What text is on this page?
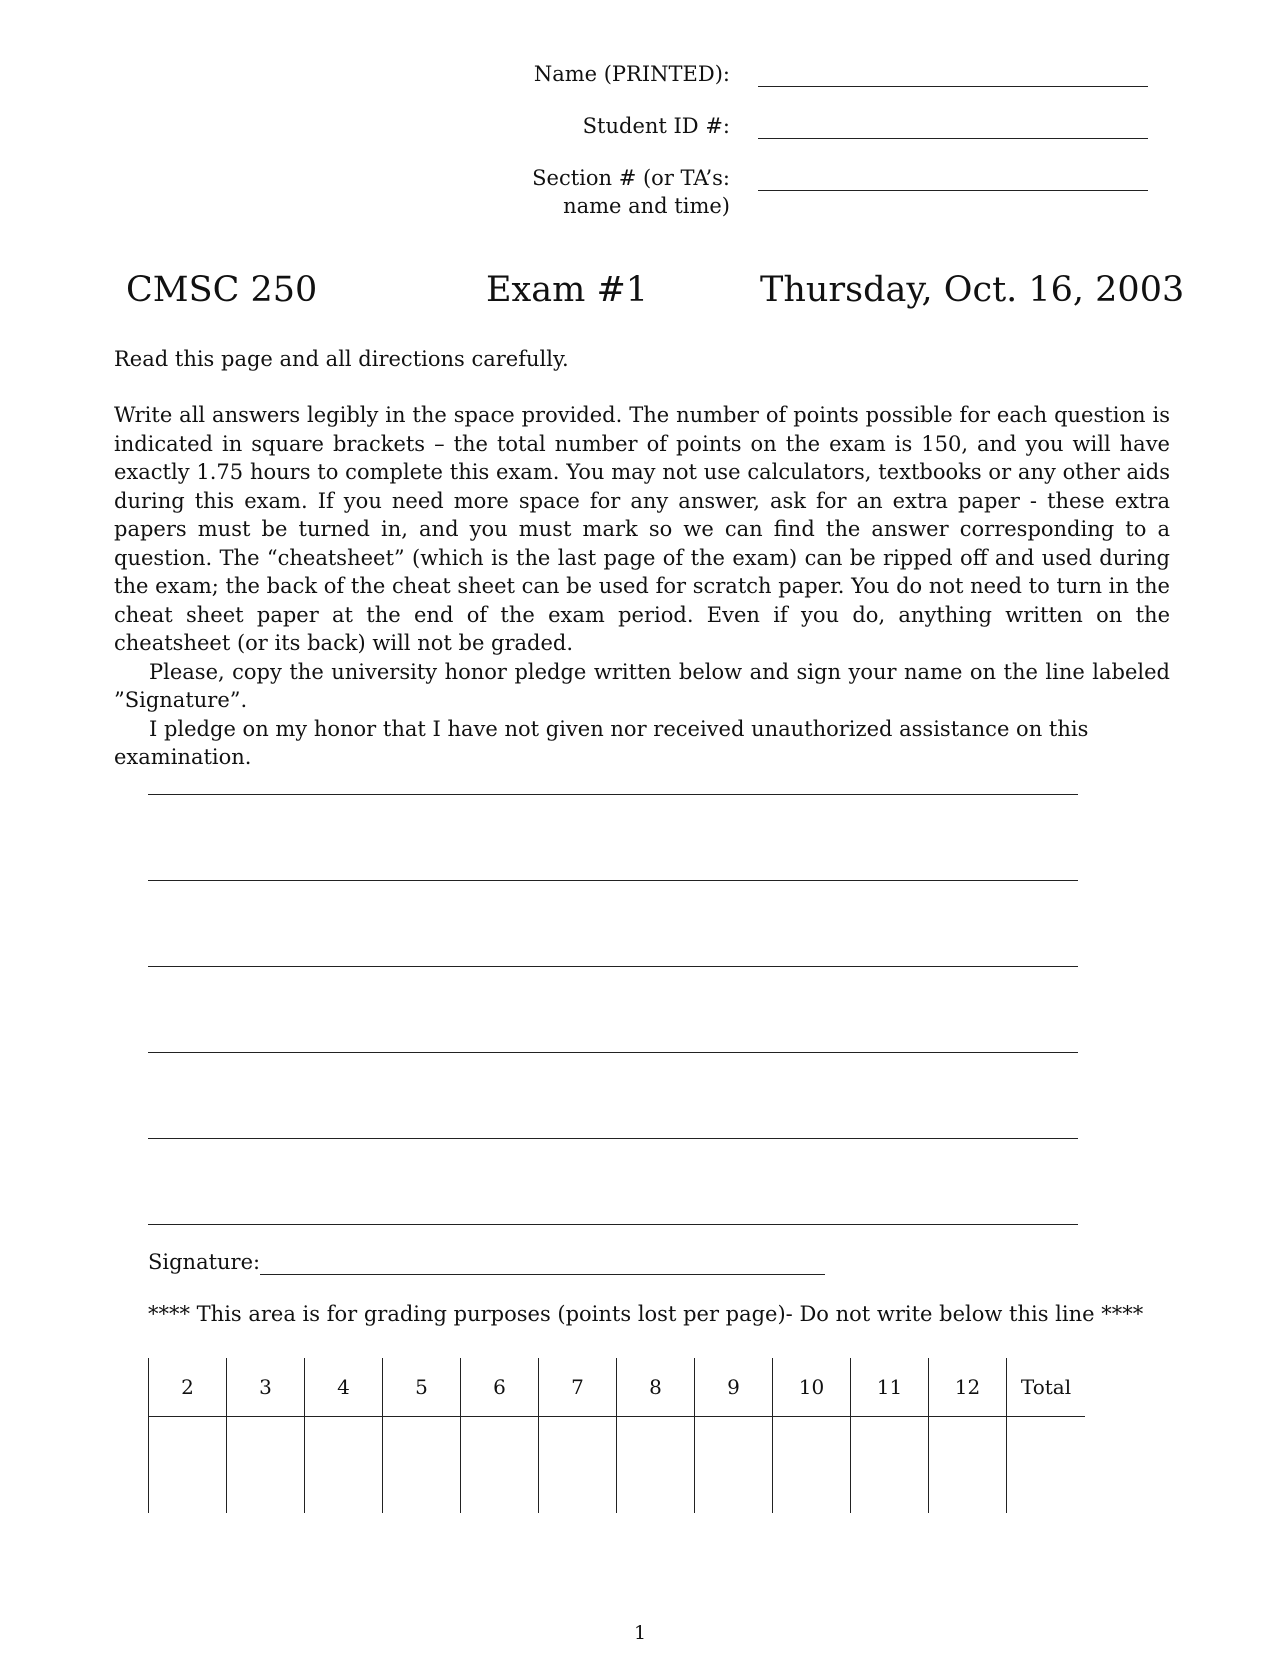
Name (PRINTED):
Student ID #:
Section # (or TA’s:
name and time)
CMSC 250	Exam #1	Thursday, Oct. 16, 2003
Read this page and all directions carefully.
Write all answers legibly in the space provided. The number of points possible for each question is indicated in square brackets – the total number of points on the exam is 150, and you will have exactly 1.75 hours to complete this exam. You may not use calculators, textbooks or any other aids during this exam. If you need more space for any answer, ask for an extra paper - these extra papers must be turned in, and you must mark so we can find the answer corresponding to a question. The “cheatsheet” (which is the last page of the exam) can be ripped off and used during the exam; the back of the cheat sheet can be used for scratch paper. You do not need to turn in the cheat sheet paper at the end of the exam period. Even if you do, anything written on the cheatsheet (or its back) will not be graded.
Please, copy the university honor pledge written below and sign your name on the line labeled ”Signature”.
I pledge on my honor that I have not given nor received unauthorized assistance on this examination.
Signature:
**** This area is for grading purposes (points lost per page)- Do not write below this line ****
2	3	4	5	6	7	8	9	10	11	12	Total

1
